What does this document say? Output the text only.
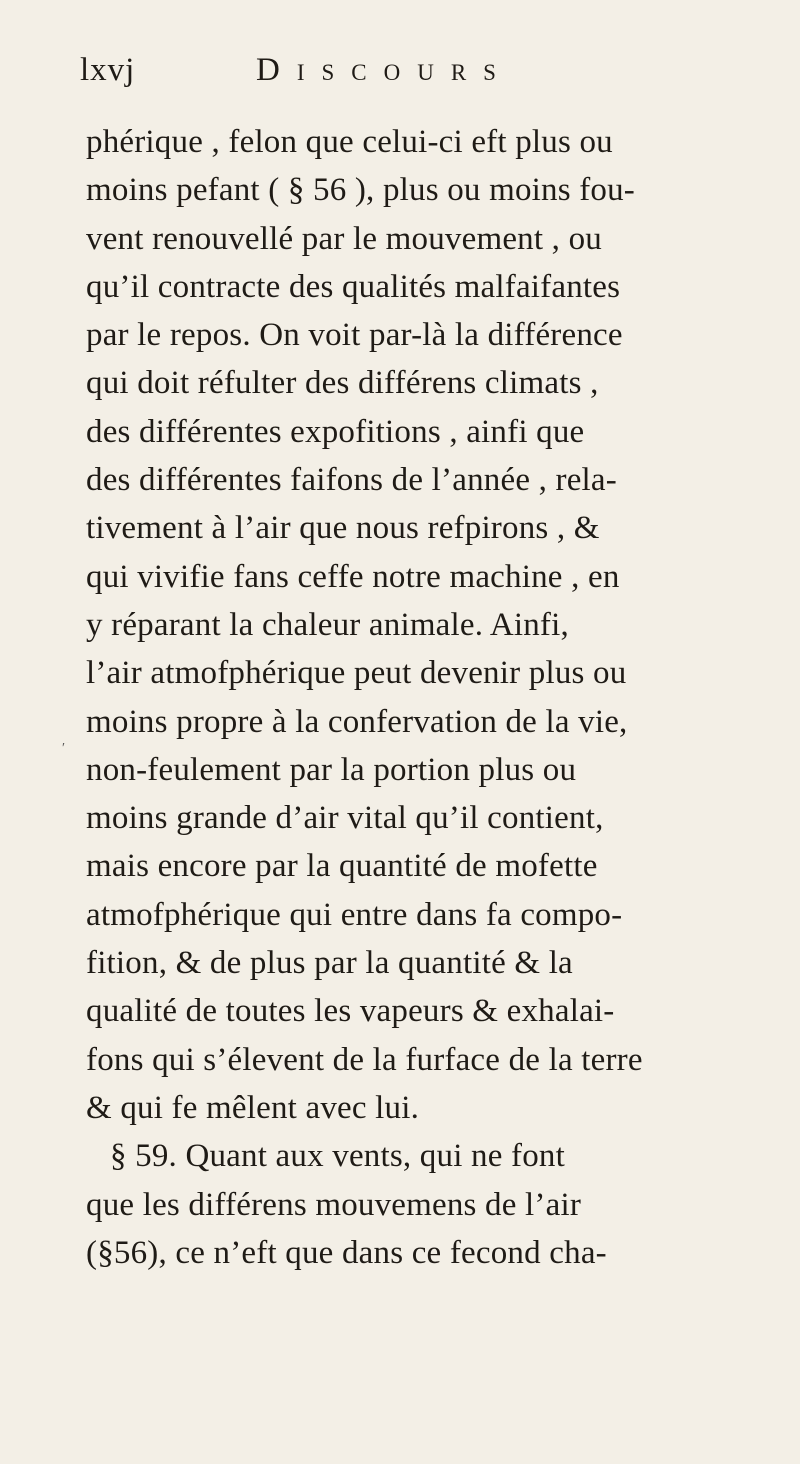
lxvj	Discours
′
phérique , felon que celui-ci eft plus ou
moins pefant ( § 56 ), plus ou moins fou-
vent renouvellé par le mouvement , ou
qu’il contracte des qualités malfaifantes
par le repos. On voit par-là la différence
qui doit réfulter des différens climats ,
des différentes expofitions , ainfi que
des différentes faifons de l’année , rela-
tivement à l’air que nous refpirons , &
qui vivifie fans ceffe notre machine , en
y réparant la chaleur animale. Ainfi,
l’air atmofphérique peut devenir plus ou
moins propre à la confervation de la vie,
non-feulement par la portion plus ou
moins grande d’air vital qu’il contient,
mais encore par la quantité de mofette
atmofphérique qui entre dans fa compo-
fition, & de plus par la quantité & la
qualité de toutes les vapeurs & exhalai-
fons qui s’élevent de la furface de la terre
& qui fe mêlent avec lui.
§ 59. Quant aux vents, qui ne font
que les différens mouvemens de l’air
(§56), ce n’eft que dans ce fecond cha-
